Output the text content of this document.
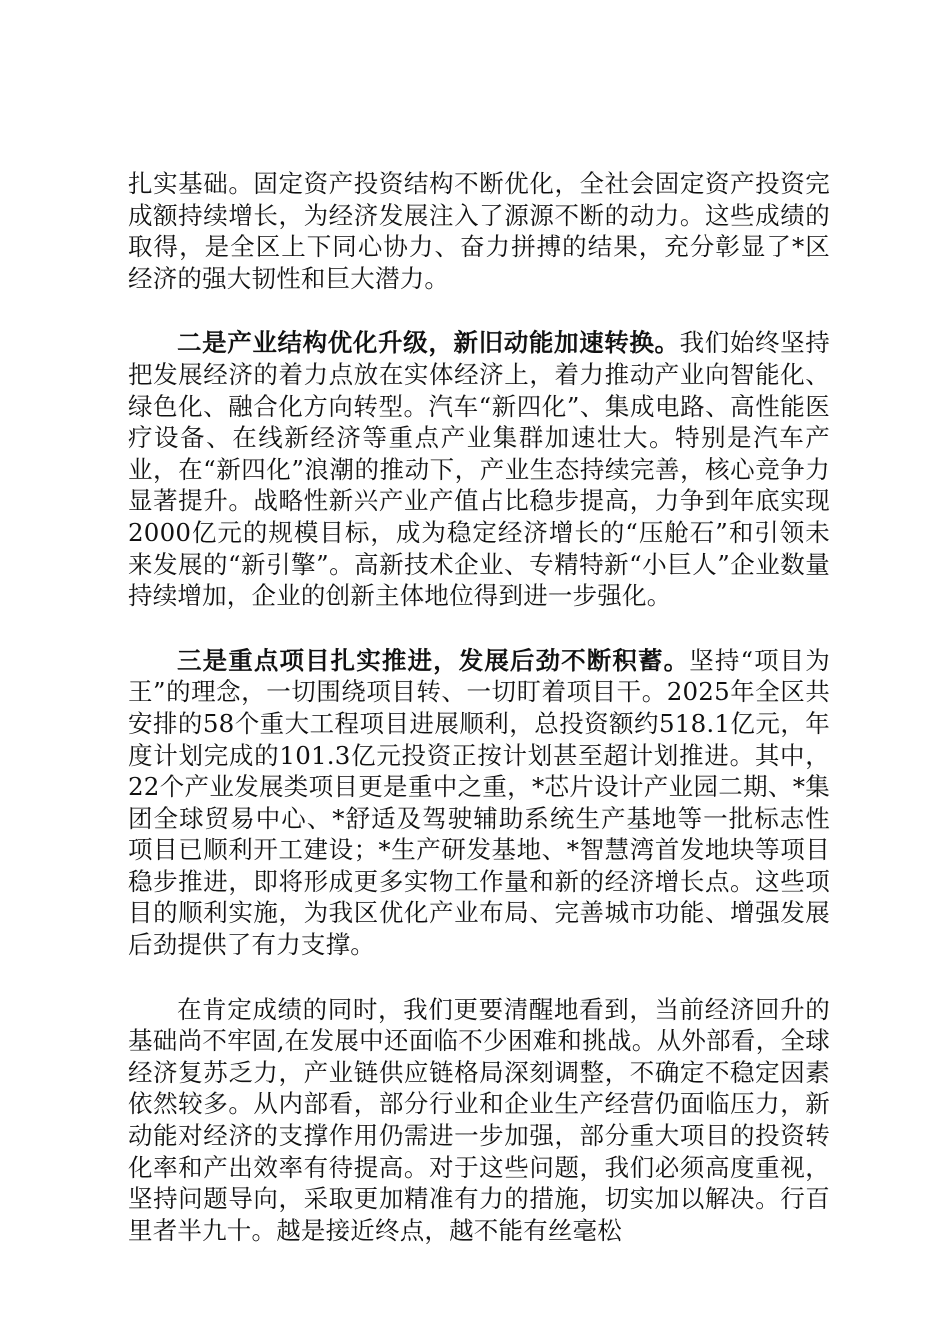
扎实基础。固定资产投资结构不断优化，全社会固定资产投资完成额持续增长，为经济发展注入了源源不断的动力。这些成绩的取得，是全区上下同心协力、奋力拼搏的结果，充分彰显了*区经济的强大韧性和巨大潜力。

二是产业结构优化升级，新旧动能加速转换。我们始终坚持把发展经济的着力点放在实体经济上，着力推动产业向智能化、绿色化、融合化方向转型。汽车“新四化”、集成电路、高性能医疗设备、在线新经济等重点产业集群加速壮大。特别是汽车产业，在“新四化”浪潮的推动下，产业生态持续完善，核心竞争力显著提升。战略性新兴产业产值占比稳步提高，力争到年底实现2000亿元的规模目标，成为稳定经济增长的“压舱石”和引领未来发展的“新引擎”。高新技术企业、专精特新“小巨人”企业数量持续增加，企业的创新主体地位得到进一步强化。

三是重点项目扎实推进，发展后劲不断积蓄。坚持“项目为王”的理念，一切围绕项目转、一切盯着项目干。2025年全区共安排的58个重大工程项目进展顺利，总投资额约518.1亿元，年度计划完成的101.3亿元投资正按计划甚至超计划推进。其中，22个产业发展类项目更是重中之重，*芯片设计产业园二期、*集团全球贸易中心、*舒适及驾驶辅助系统生产基地等一批标志性项目已顺利开工建设；*生产研发基地、*智慧湾首发地块等项目稳步推进，即将形成更多实物工作量和新的经济增长点。这些项目的顺利实施，为我区优化产业布局、完善城市功能、增强发展后劲提供了有力支撑。

在肯定成绩的同时，我们更要清醒地看到，当前经济回升的基础尚不牢固,在发展中还面临不少困难和挑战。从外部看，全球经济复苏乏力，产业链供应链格局深刻调整，不确定不稳定因素依然较多。从内部看，部分行业和企业生产经营仍面临压力，新动能对经济的支撑作用仍需进一步加强，部分重大项目的投资转化率和产出效率有待提高。对于这些问题，我们必须高度重视，坚持问题导向，采取更加精准有力的措施，切实加以解决。行百里者半九十。越是接近终点，越不能有丝毫松
